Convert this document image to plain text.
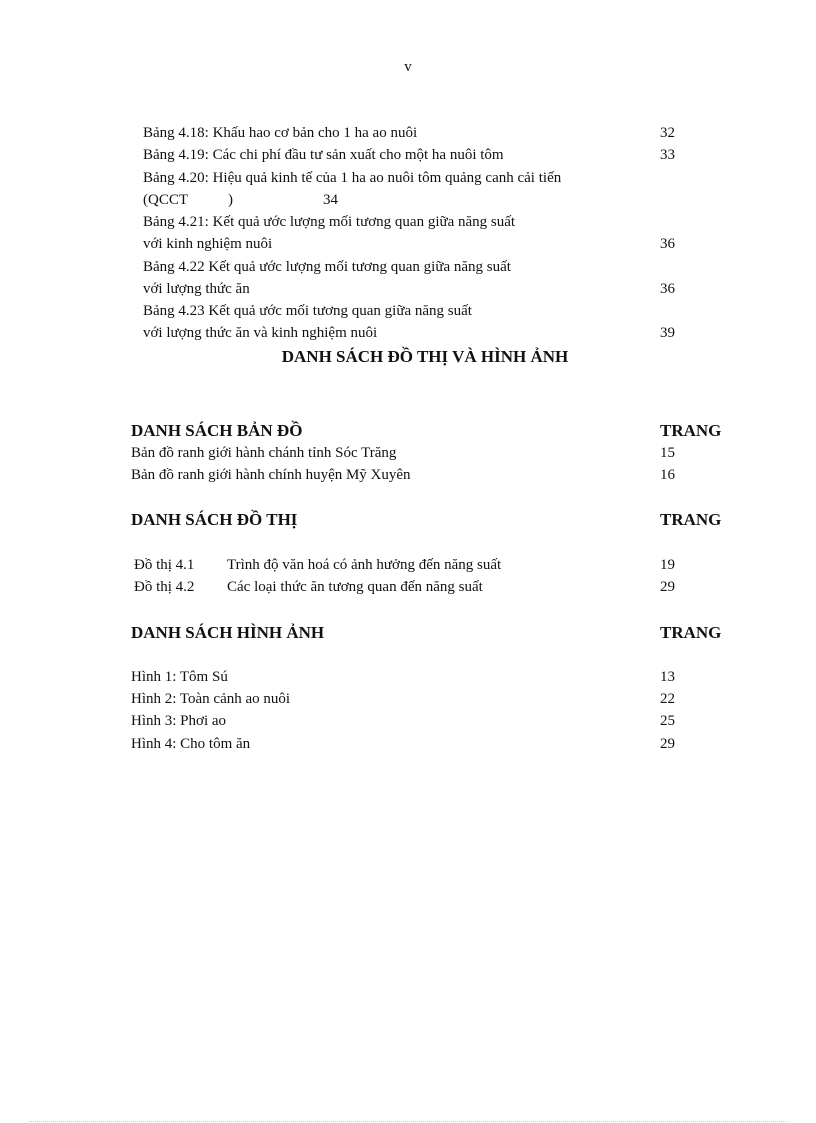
v
Bảng 4.18: Khấu hao cơ bản cho 1 ha ao nuôi	32
Bảng 4.19: Các chi phí đầu tư sản xuất cho một ha nuôi tôm	33
Bảng 4.20: Hiệu quả kinh tế của 1 ha ao nuôi tôm quảng canh cải tiến
(QCCT	)	34
Bảng 4.21: Kết quả ước lượng mối tương quan giữa năng suất
với kinh nghiệm nuôi	36
Bảng 4.22 Kết quả ước lượng mối tương quan giữa năng suất
với lượng thức ăn	36
Bảng 4.23 Kết quả ước mối tương quan giữa năng suất
với lượng thức ăn và kinh nghiệm nuôi	39
DANH SÁCH ĐỒ THỊ VÀ HÌNH ẢNH
DANH SÁCH BẢN ĐỒ	TRANG
Bản đồ ranh giới hành chánh tỉnh Sóc Trăng	15
Bản đồ ranh giới hành chính huyện Mỹ Xuyên	16
DANH SÁCH ĐỒ THỊ	TRANG
Đồ thị 4.1 Trình độ văn hoá có ảnh hưởng đến năng suất	19
Đồ thị 4.2 Các loại thức ăn tương quan đến năng suất	29
DANH SÁCH HÌNH ẢNH	TRANG
Hình 1: Tôm Sú	13
Hình 2: Toàn cảnh ao nuôi	22
Hình 3: Phơi ao	25
Hình 4: Cho tôm ăn	29
